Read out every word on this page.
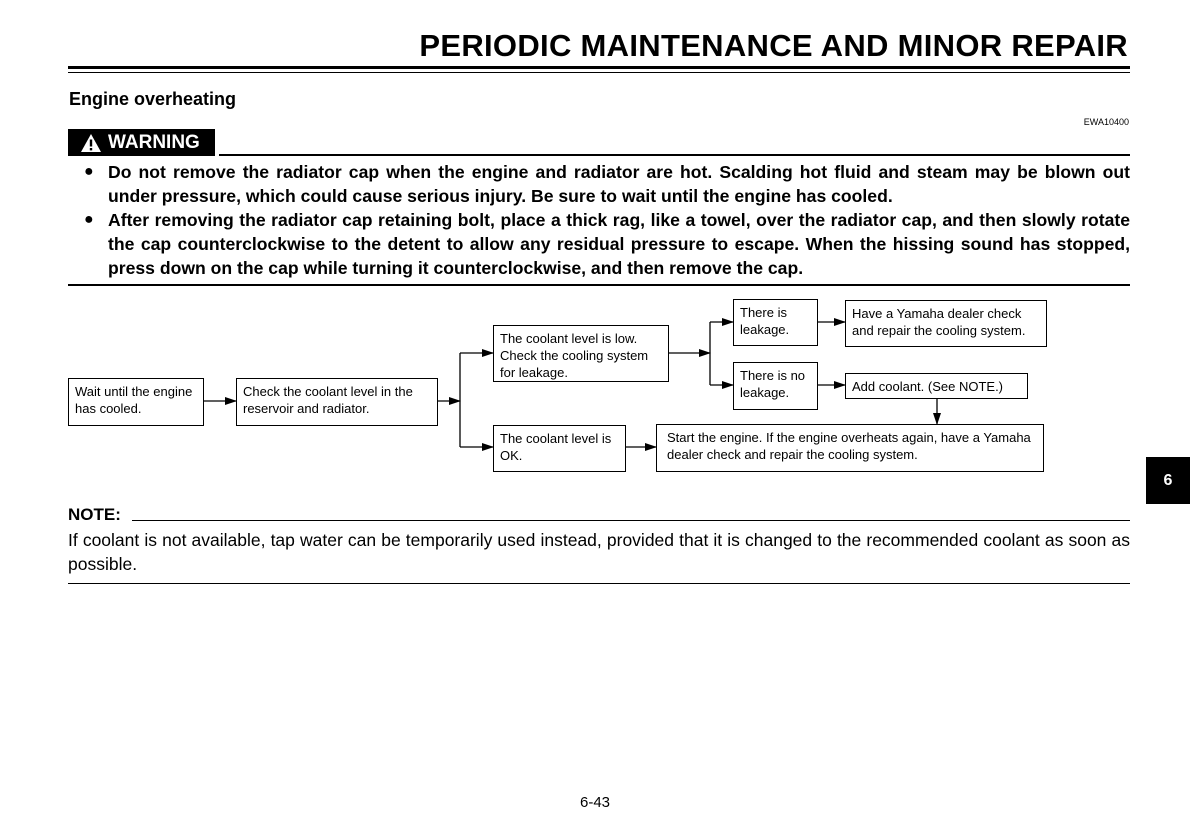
PERIODIC MAINTENANCE AND MINOR REPAIR
Engine overheating
EWA10400
WARNING
● Do not remove the radiator cap when the engine and radiator are hot. Scalding hot fluid and steam may be blown out under pressure, which could cause serious injury. Be sure to wait until the engine has cooled.
● After removing the radiator cap retaining bolt, place a thick rag, like a towel, over the radiator cap, and then slowly rotate the cap counterclockwise to the detent to allow any residual pressure to escape. When the hissing sound has stopped, press down on the cap while turning it counterclockwise, and then remove the cap.
Wait until the engine has cooled.
Check the coolant level in the reservoir and radiator.
The coolant level is low. Check the cooling system for leakage.
The coolant level is OK.
There is leakage.
There is no leakage.
Have a Yamaha dealer check and repair the cooling system.
Add coolant. (See NOTE.)
Start the engine. If the engine overheats again, have a Yamaha dealer check and repair the cooling system.
NOTE:
If coolant is not available, tap water can be temporarily used instead, provided that it is changed to the recommended coolant as soon as possible.
6
6-43
